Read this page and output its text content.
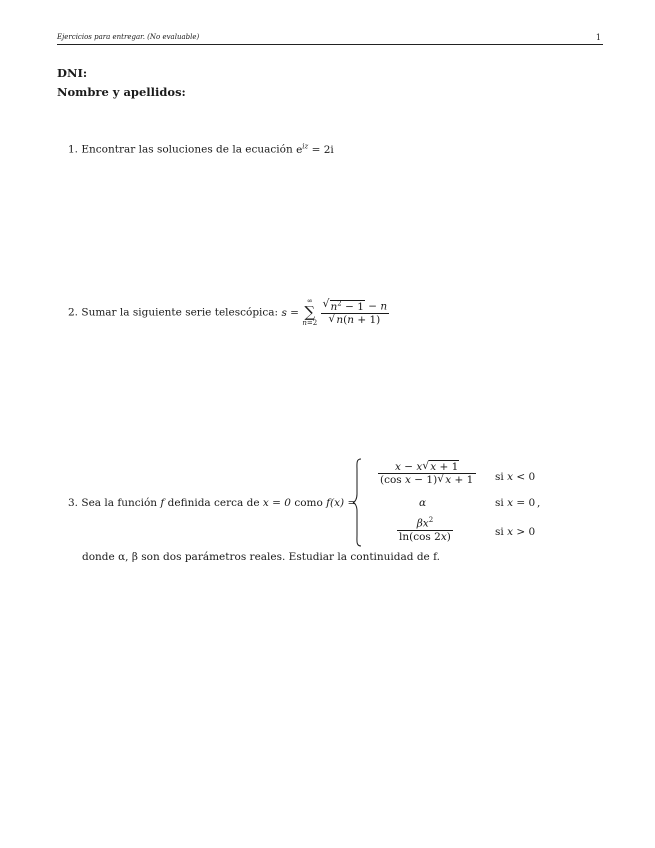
Ejercicios para entregar. (No evaluable)	1
DNI:
Nombre y apellidos:
1. Encontrar las soluciones de la ecuación $e^{iz} = 2i$
2. Sumar la siguiente serie telescópica: s =
∞
∑
n=2
√ $n^2 - 1 - n$
√ n(n + 1)
3. Sea la función f definida cerca de x = 0 como f(x) =
$\frac{x - x √ x + 1}{\text{(cos x − 1) √ x + 1}}$ si x < 0
α	si x = 0 ,
$\frac{\beta x^2}{\ln(\cos 2x)}$	si x > 0
donde α, β son dos parámetros reales. Estudiar la continuidad de f.
